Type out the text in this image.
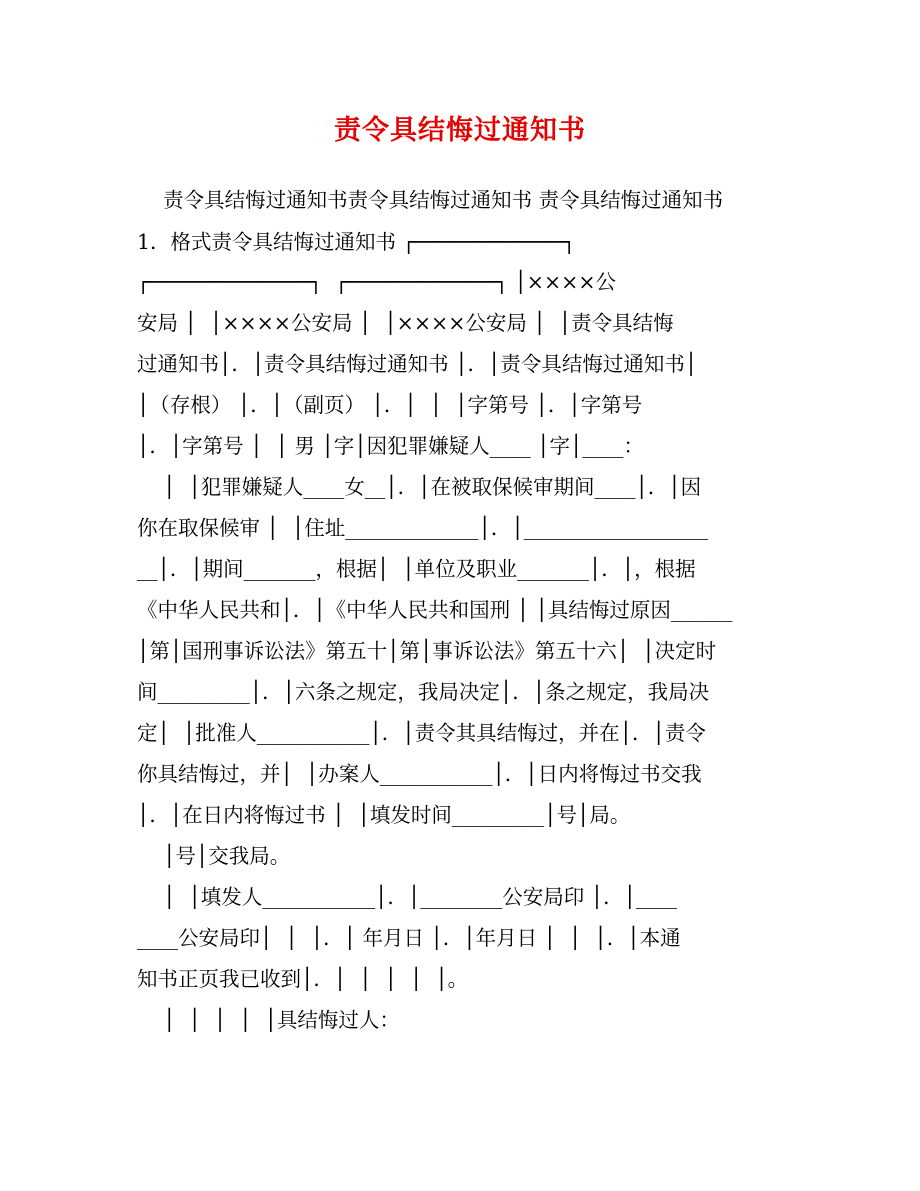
责令具结悔过通知书
责令具结悔过通知书责令具结悔过通知书 责令具结悔过通知书
1．格式责令具结悔过通知书 ┌────────────┐
┌─────────────┐  ┌────────────┐ │××××公
安局 │  │××××公安局 │  │××××公安局 │  │责令具结悔
过通知书│．│责令具结悔过通知书 │．│责令具结悔过通知书│
│（存根） │．│（副页） │．│  │  │字第号 │．│字第号
│．│字第号 │  │ 男 │字│因犯罪嫌疑人____ │字│____：
│  │犯罪嫌疑人____女__│．│在被取保候审期间____│．│因
你在取保候审 │  │住址_____________│．│__________________
__│．│期间_______，根据│  │单位及职业_______│．│，根据
《中华人民共和│．│《中华人民共和国刑 │ │具结悔过原因______
│第│国刑事诉讼法》第五十│第│事诉讼法》第五十六│  │决定时
间_________│．│六条之规定，我局决定│．│条之规定，我局决
定│  │批准人___________│．│责令其具结悔过，并在│．│责令
你具结悔过，并│  │办案人___________│．│日内将悔过书交我
│．│在日内将悔过书 │  │填发时间_________│号│局。
│号│交我局。
│  │填发人___________│．│________公安局印 │．│____
____公安局印│  │  │．│ 年月日 │．│年月日 │  │  │．│本通
知书正页我已收到│．│  │  │  │  │。
│  │  │  │  │具结悔过人：
